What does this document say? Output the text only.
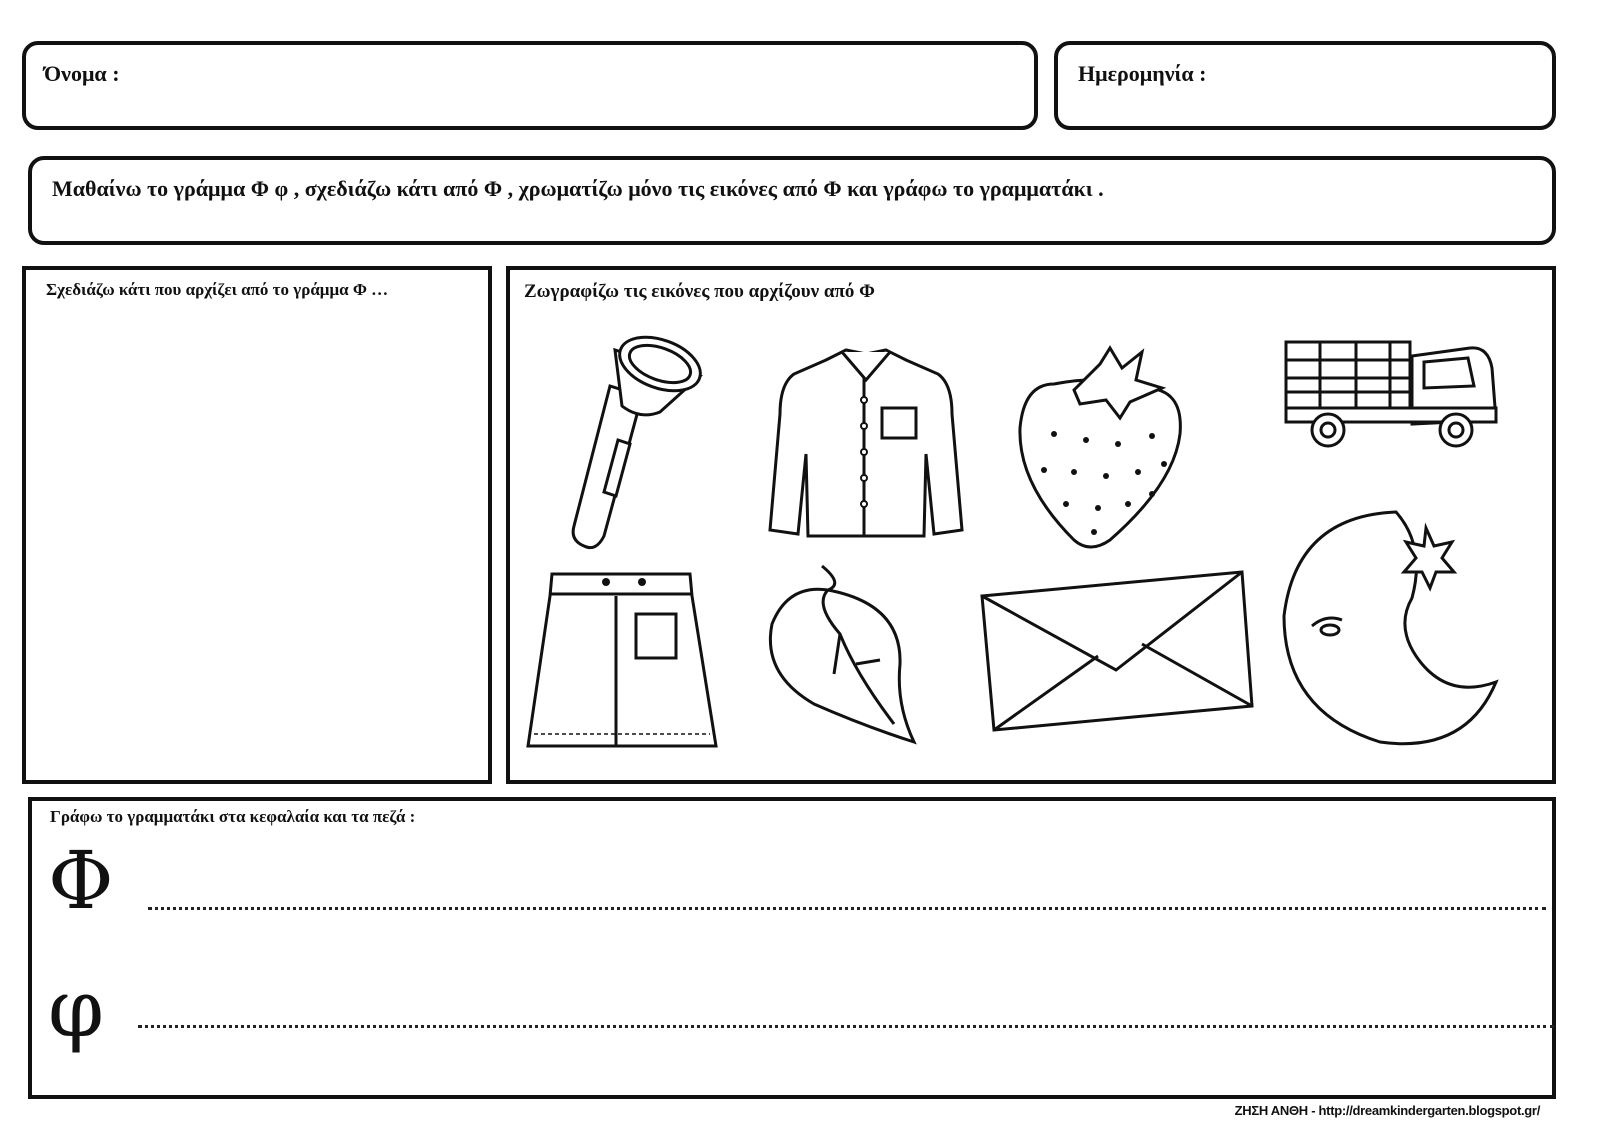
Όνομα :	Ημερομηνία :
Μαθαίνω το γράμμα Φ φ , σχεδιάζω κάτι από Φ , χρωματίζω μόνο τις εικόνες από Φ και γράφω το γραμματάκι .
Σχεδιάζω κάτι που αρχίζει από το γράμμα Φ …	Ζωγραφίζω τις εικόνες που αρχίζουν από Φ
Γράφω το γραμματάκι στα κεφαλαία και τα πεζά :
Φ
φ
ΖΗΣΗ ΑΝΘΗ - http://dreamkindergarten.blogspot.gr/
